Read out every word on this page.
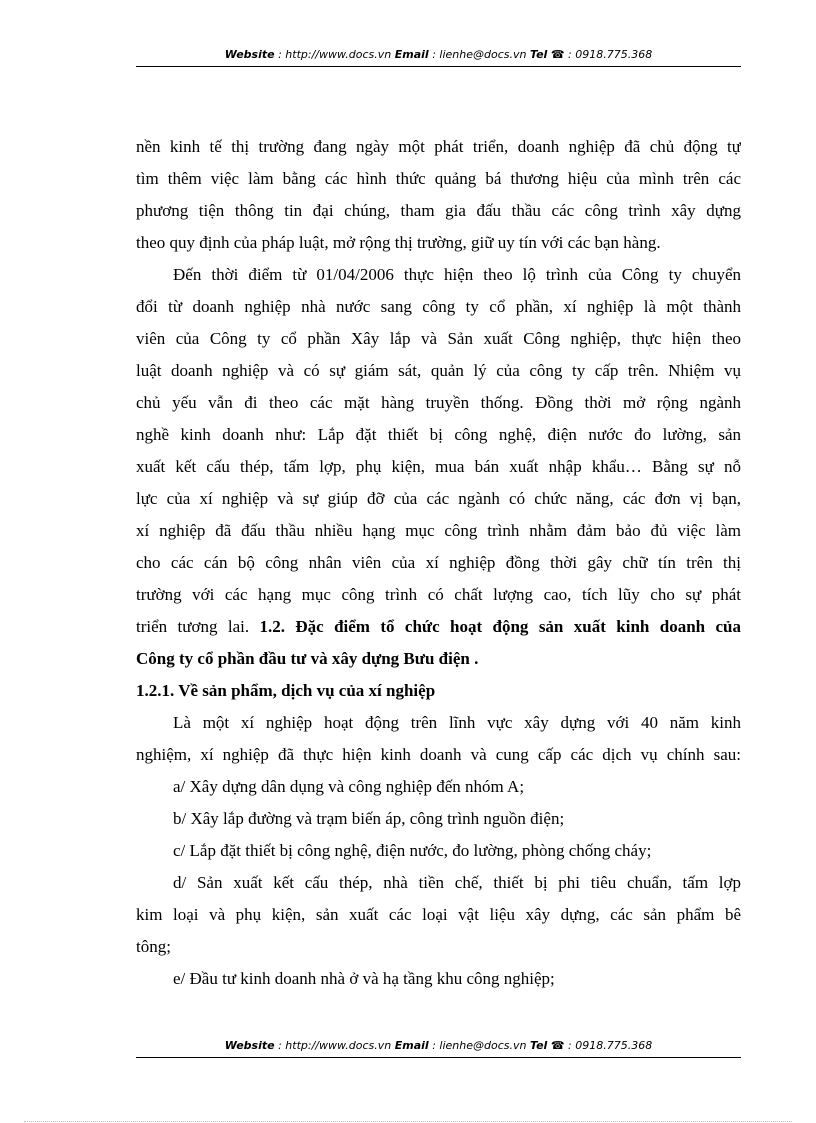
Website : http://www.docs.vn Email : lienhe@docs.vn Tel ☎ : 0918.775.368
nền kinh tế thị trường đang ngày một phát triển, doanh nghiệp đã chủ động tự
tìm thêm việc làm bằng các hình thức quảng bá thương hiệu của mình trên các
phương tiện thông tin đại chúng, tham gia đấu thầu các công trình xây dựng
theo quy định của pháp luật, mở rộng thị trường, giữ uy tín với các bạn hàng.
Đến thời điểm từ 01/04/2006 thực hiện theo lộ trình của Công ty chuyển
đổi từ doanh nghiệp nhà nước sang công ty cổ phần, xí nghiệp là một thành
viên của Công ty cổ phần Xây lắp và Sản xuất Công nghiệp, thực hiện theo
luật doanh nghiệp và có sự giám sát, quản lý của công ty cấp trên. Nhiệm vụ
chủ yếu vẫn đi theo các mặt hàng truyền thống. Đồng thời mở rộng ngành
nghề kinh doanh như: Lắp đặt thiết bị công nghệ, điện nước đo lường, sản
xuất kết cấu thép, tấm lợp, phụ kiện, mua bán xuất nhập khẩu… Bằng sự nỗ
lực của xí nghiệp và sự giúp đỡ của các ngành có chức năng, các đơn vị bạn,
xí nghiệp đã đấu thầu nhiều hạng mục công trình nhằm đảm bảo đủ việc làm
cho các cán bộ công nhân viên của xí nghiệp đồng thời gây chữ tín trên thị
trường với các hạng mục công trình có chất lượng cao, tích lũy cho sự phát
triển tương lai. 1.2. Đặc điểm tổ chức hoạt động sản xuất kinh doanh của
Công ty cổ phần đầu tư và xây dựng Bưu điện .
1.2.1. Về sản phẩm, dịch vụ của xí nghiệp
Là một xí nghiệp hoạt động trên lĩnh vực xây dựng với 40 năm kinh
nghiệm, xí nghiệp đã thực hiện kinh doanh và cung cấp các dịch vụ chính sau:
a/ Xây dựng dân dụng và công nghiệp đến nhóm A;
b/ Xây lắp đường và trạm biến áp, công trình nguồn điện;
c/ Lắp đặt thiết bị công nghệ, điện nước, đo lường, phòng chống cháy;
d/ Sản xuất kết cấu thép, nhà tiền chế, thiết bị phi tiêu chuẩn, tấm lợp
kim loại và phụ kiện, sản xuất các loại vật liệu xây dựng, các sản phẩm bê
tông;
e/ Đầu tư kinh doanh nhà ở và hạ tầng khu công nghiệp;
Website : http://www.docs.vn Email : lienhe@docs.vn Tel ☎ : 0918.775.368
